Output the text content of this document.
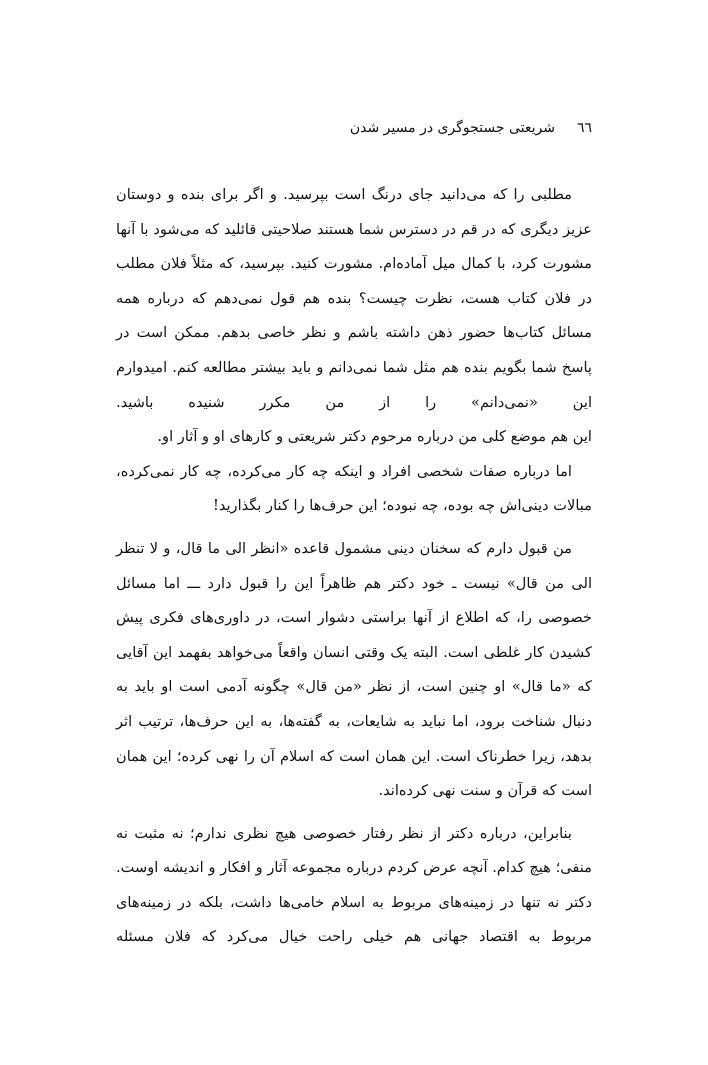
٦٦
شریعتی جستجوگری در مسیر شدن

مطلبی را که می‌دانید جای درنگ است بپرسید. و اگر برای بنده و دوستان عزیز دیگری که در قم در دسترس شما هستند صلاحیتی قائلید که می‌شود با آنها مشورت کرد، با کمال میل آماده‌ام. مشورت کنید. بپرسید، که مثلاً فلان مطلب در فلان کتاب هست، نظرت چیست؟ بنده هم قول نمی‌دهم که درباره همه مسائل کتاب‌ها حضور ذهن داشته باشم و نظر خاصی بدهم. ممکن است در پاسخ شما بگویم بنده هم مثل شما نمی‌دانم و باید بیشتر مطالعه کنم. امیدوارم این «نمی‌دانم» را از من مکرر شنیده باشید.

این هم موضع کلی من درباره مرحوم دکتر شریعتی و کارهای او و آثار او.

اما درباره صفات شخصی افراد و اینکه چه کار می‌کرده، چه کار نمی‌کرده، مبالات دینی‌اش چه بوده، چه نبوده؛ این حرف‌ها را کنار بگذارید!

من قبول دارم که سخنان دینی مشمول قاعده «انظر الی ما قال، و لا تنظر الی من قال» نیست ـ خود دکتر هم ظاهراً این را قبول دارد ـــ اما مسائل خصوصی را، که اطلاع از آنها براستی دشوار است، در داوری‌های فکری پیش کشیدن کار غلطی است. البته یک وقتی انسان واقعاً می‌خواهد بفهمد این آقایی که «ما قال» او چنین است، از نظر «من قال» چگونه آدمی است او باید به دنبال شناخت برود، اما نباید به شایعات، به گفته‌ها، به این حرف‌ها، ترتیب اثر بدهد، زیرا خطرناک است. این همان است که اسلام آن را نهی کرده؛ این همان است که قرآن و سنت نهی کرده‌اند.

بنابراین، درباره دکتر از نظر رفتار خصوصی هیچ نظری ندارم؛ نه مثبت نه منفی؛ هیچ کدام. آنچه عرض کردم درباره مجموعه آثار و افکار و اندیشه اوست. دکتر نه تنها در زمینه‌های مربوط به اسلام خامی‌ها داشت، بلکه در زمینه‌های مربوط به اقتصاد جهانی هم خیلی راحت خیال می‌کرد که فلان مسئله
